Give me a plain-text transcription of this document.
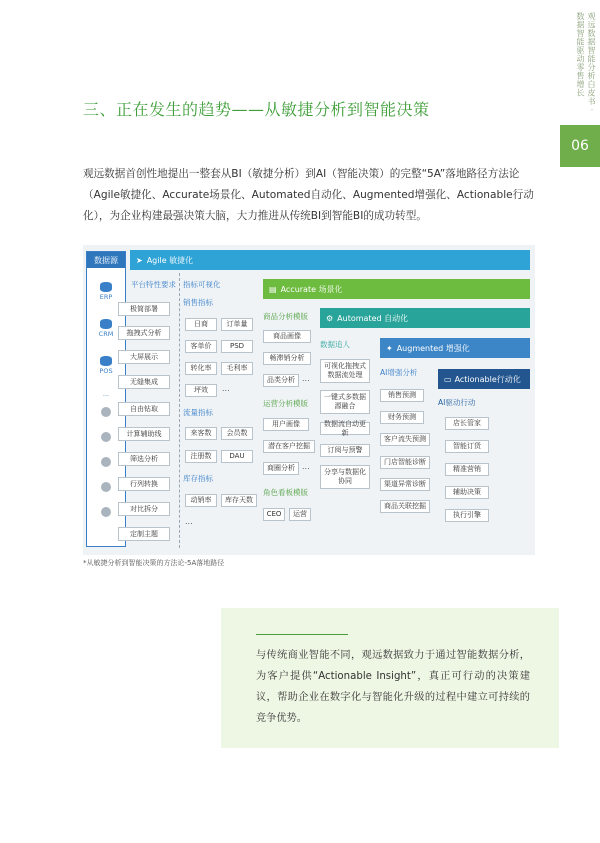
观远数据智能分析白皮书 · 数据智能驱动零售增长
06
三、正在发生的趋势——从敏捷分析到智能决策

观远数据首创性地提出一整套从BI（敏捷分析）到AI（智能决策）的完整“5A”落地路径方法论（Agile敏捷化、Accurate场景化、Automated自动化、Augmented增强化、Actionable行动化），为企业构建最强决策大脑，大力推进从传统BI到智能BI的成功转型。

数据源
ERP
CRM
POS
...
➤ Agile 敏捷化
▤ Accurate 场景化
⚙ Automated 自动化
✦ Augmented 增强化
▭ Actionable行动化
平台特性要求
极简部署
拖拽式分析
大屏展示
无缝集成
自由钻取
计算辅助线
筛选分析
行列转换
对比拆分
定制主题
指标可视化
销售指标
日商	订单量
客单价	PSD
转化率	毛利率
坪效	...
流量指标
来客数	会员数
注册数	DAU
库存指标
动销率	库存天数
...
商品分析模版
商品画像
畅滞销分析
品类分析 ...
运营分析模版
用户画像
潜在客户挖掘
商圈分析 ...
角色看板模版
CEO	运营
数据追人
可视化拖拽式数据流处理
一键式多数据源融合
数据流自动更新
订阅与预警
分享与数据化协同
AI增强分析
销售预测
财务预测
客户流失预测
门店智能诊断
渠道异常诊断
商品关联挖掘
AI驱动行动
店长管家
智能订货
精准营销
辅助决策
执行引擎
*从敏捷分析到智能决策的方法论-5A落地路径

与传统商业智能不同，观远数据致力于通过智能数据分析，为客户提供“Actionable Insight”，真正可行动的决策建议，帮助企业在数字化与智能化升级的过程中建立可持续的竞争优势。
